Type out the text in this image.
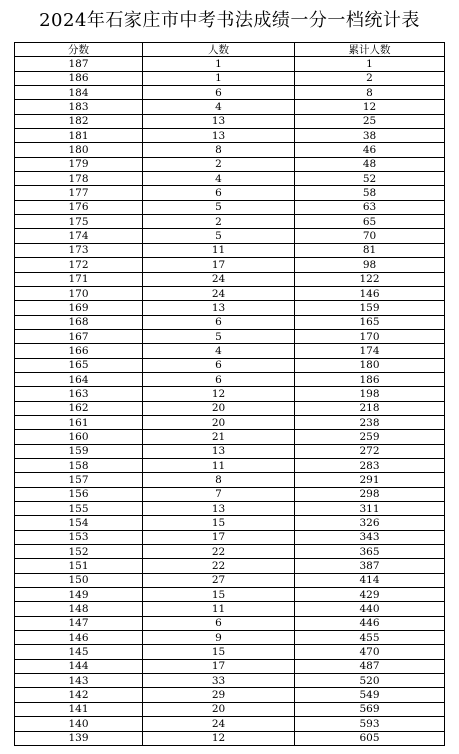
2024年石家庄市中考书法成绩一分一档统计表
分数	人数	累计人数
187	1	1
186	1	2
184	6	8
183	4	12
182	13	25
181	13	38
180	8	46
179	2	48
178	4	52
177	6	58
176	5	63
175	2	65
174	5	70
173	11	81
172	17	98
171	24	122
170	24	146
169	13	159
168	6	165
167	5	170
166	4	174
165	6	180
164	6	186
163	12	198
162	20	218
161	20	238
160	21	259
159	13	272
158	11	283
157	8	291
156	7	298
155	13	311
154	15	326
153	17	343
152	22	365
151	22	387
150	27	414
149	15	429
148	11	440
147	6	446
146	9	455
145	15	470
144	17	487
143	33	520
142	29	549
141	20	569
140	24	593
139	12	605
